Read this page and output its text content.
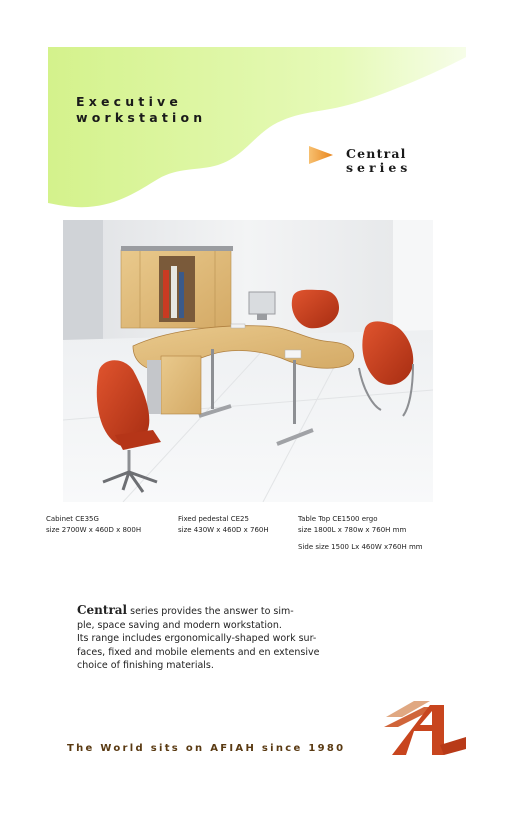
Executive
workstation
Central
series
Cabinet CE35G
size 2700W x 460D x 800H
Fixed pedestal CE25
size 430W x 460D x 760H
Table Top CE1500 ergo
size 1800L x 780w x 760H mm
Side size 1500 Lx 460W x760H mm

Central series provides the answer to sim-

ple, space saving and modern workstation.

Its range includes ergonomically-shaped work sur-

faces, fixed and mobile elements and en extensive

choice of finishing materials.

The World sits on AFIAH since 1980
